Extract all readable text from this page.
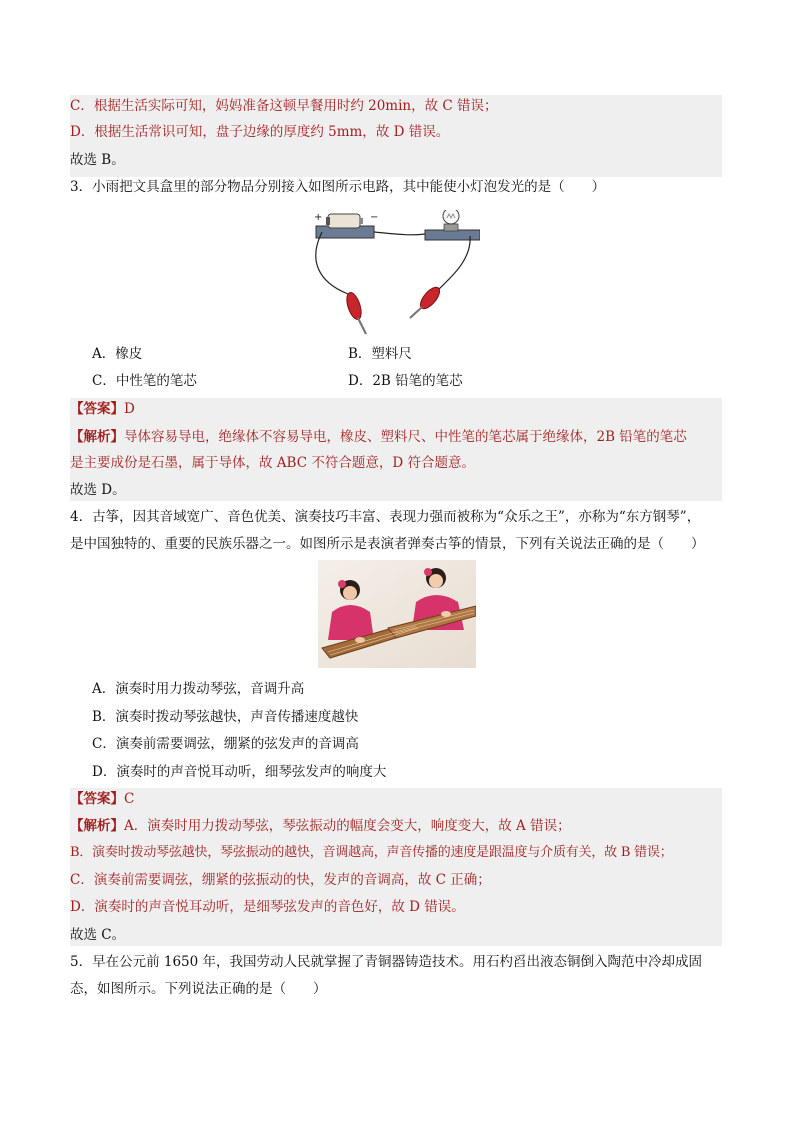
C．根据生活实际可知，妈妈准备这顿早餐用时约 20min，故 C 错误；
D．根据生活常识可知，盘子边缘的厚度约 5mm，故 D 错误。
故选 B。
3．小雨把文具盒里的部分物品分别接入如图所示电路，其中能使小灯泡发光的是（　　）
+	−
A．橡皮	B．塑料尺
C．中性笔的笔芯	D．2B 铅笔的笔芯
【答案】D
【解析】导体容易导电，绝缘体不容易导电，橡皮、塑料尺、中性笔的笔芯属于绝缘体，2B 铅笔的笔芯
是主要成份是石墨，属于导体，故 ABC 不符合题意，D 符合题意。
故选 D。
4．古筝，因其音域宽广、音色优美、演奏技巧丰富、表现力强而被称为“众乐之王”，亦称为“东方钢琴”，
是中国独特的、重要的民族乐器之一。如图所示是表演者弹奏古筝的情景，下列有关说法正确的是（　　）
A．演奏时用力拨动琴弦，音调升高
B．演奏时拨动琴弦越快，声音传播速度越快
C．演奏前需要调弦，绷紧的弦发声的音调高
D．演奏时的声音悦耳动听，细琴弦发声的响度大
【答案】C
【解析】A．演奏时用力拨动琴弦，琴弦振动的幅度会变大，响度变大，故 A 错误；
B．演奏时拨动琴弦越快，琴弦振动的越快，音调越高，声音传播的速度是跟温度与介质有关，故 B 错误；
C．演奏前需要调弦，绷紧的弦振动的快，发声的音调高，故 C 正确；
D．演奏时的声音悦耳动听，是细琴弦发声的音色好，故 D 错误。
故选 C。
5．早在公元前 1650 年，我国劳动人民就掌握了青铜器铸造技术。用石杓舀出液态铜倒入陶范中冷却成固
态，如图所示。下列说法正确的是（　　）
